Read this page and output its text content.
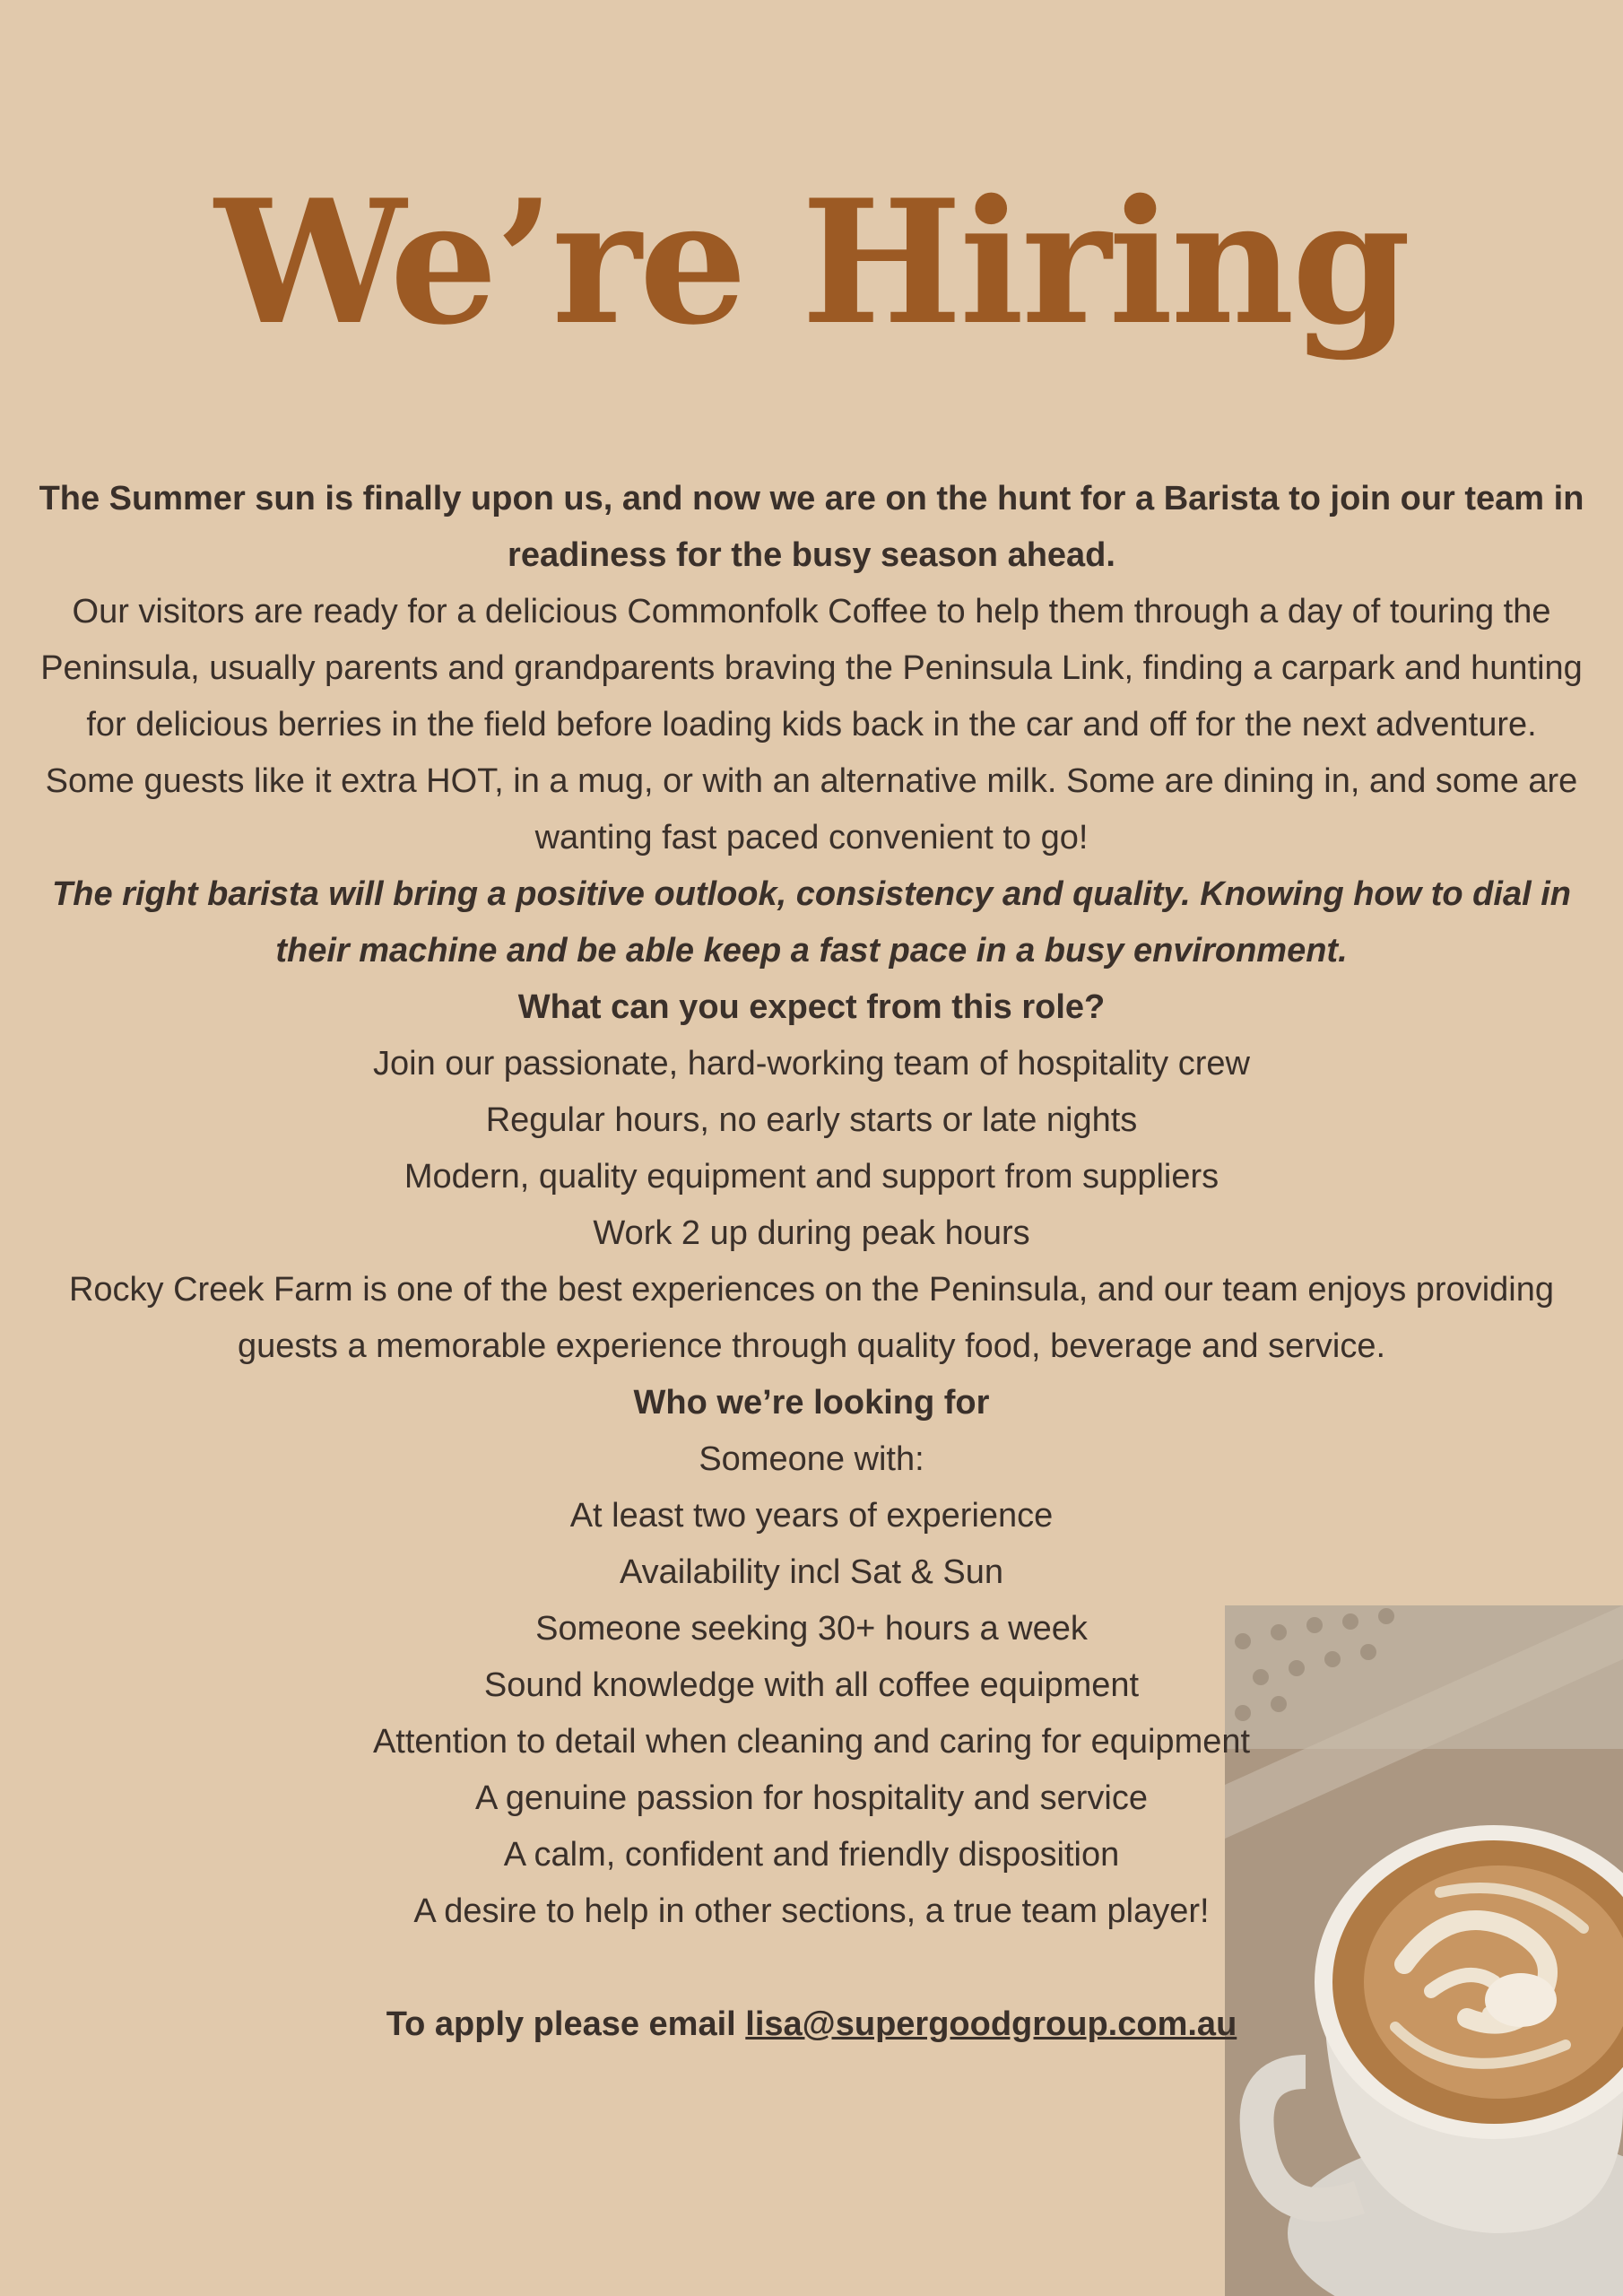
We’re Hiring

The Summer sun is finally upon us, and now we are on the hunt for a Barista to join our team in readiness for the busy season ahead.

Our visitors are ready for a delicious Commonfolk Coffee to help them through a day of touring the Peninsula, usually parents and grandparents braving the Peninsula Link, finding a carpark and hunting for delicious berries in the field before loading kids back in the car and off for the next adventure.

Some guests like it extra HOT, in a mug, or with an alternative milk. Some are dining in, and some are wanting fast paced convenient to go!

The right barista will bring a positive outlook, consistency and quality. Knowing how to dial in their machine and be able keep a fast pace in a busy environment.

What can you expect from this role?

Join our passionate, hard-working team of hospitality crew

Regular hours, no early starts or late nights

Modern, quality equipment and support from suppliers

Work 2 up during peak hours

Rocky Creek Farm is one of the best experiences on the Peninsula, and our team enjoys providing guests a memorable experience through quality food, beverage and service.

Who we’re looking for

Someone with:

At least two years of experience

Availability incl Sat & Sun

Someone seeking 30+ hours a week

Sound knowledge with all coffee equipment

Attention to detail when cleaning and caring for equipment

A genuine passion for hospitality and service

A calm, confident and friendly disposition

A desire to help in other sections, a true team player!

To apply please email lisa@supergoodgroup.com.au
